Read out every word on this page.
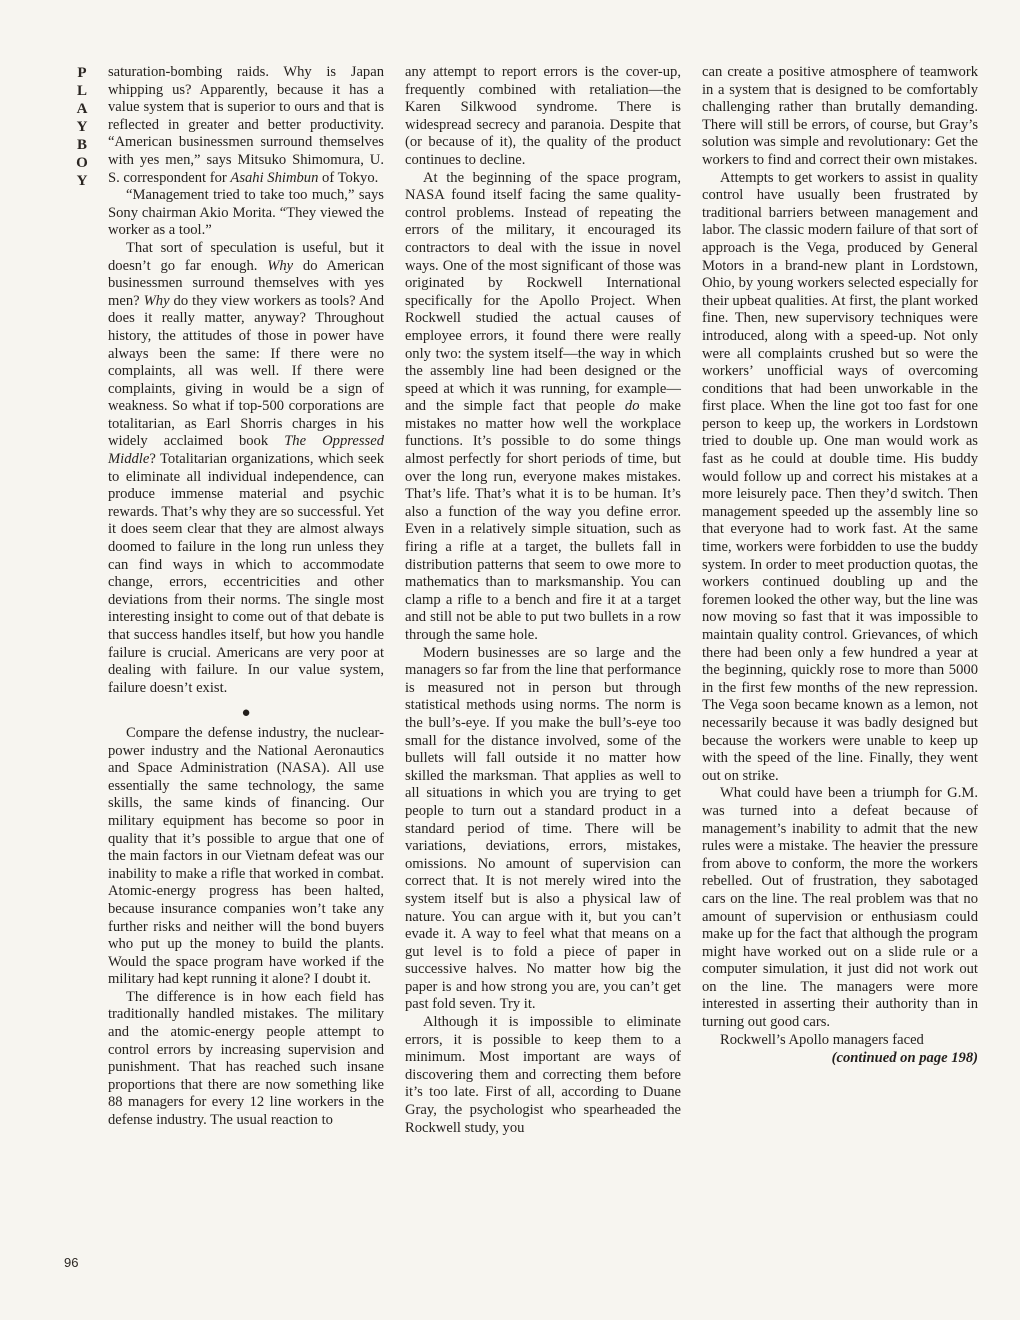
P
L
A
Y
B
O
Y
96

saturation-bombing raids. Why is Japan whipping us? Apparently, because it has a value system that is superior to ours and that is reflected in greater and better productivity. “American businessmen surround themselves with yes men,” says Mitsuko Shimomura, U. S. correspondent for Asahi Shimbun of Tokyo.

“Management tried to take too much,” says Sony chairman Akio Morita. “They viewed the worker as a tool.”

That sort of speculation is useful, but it doesn’t go far enough. Why do American businessmen surround themselves with yes men? Why do they view workers as tools? And does it really matter, anyway? Throughout history, the attitudes of those in power have always been the same: If there were no complaints, all was well. If there were complaints, giving in would be a sign of weakness. So what if top-500 corporations are totalitarian, as Earl Shorris charges in his widely acclaimed book The Oppressed Middle? Totalitarian organizations, which seek to eliminate all individual independence, can produce immense material and psychic rewards. That’s why they are so successful. Yet it does seem clear that they are almost always doomed to failure in the long run unless they can find ways in which to accommodate change, errors, eccentricities and other deviations from their norms. The single most interesting insight to come out of that debate is that success handles itself, but how you handle failure is crucial. Americans are very poor at dealing with failure. In our value system, failure doesn’t exist.

●

Compare the defense industry, the nuclear-power industry and the National Aeronautics and Space Administration (NASA). All use essentially the same technology, the same skills, the same kinds of financing. Our military equipment has become so poor in quality that it’s possible to argue that one of the main factors in our Vietnam defeat was our inability to make a rifle that worked in combat. Atomic-energy progress has been halted, because insurance companies won’t take any further risks and neither will the bond buyers who put up the money to build the plants. Would the space program have worked if the military had kept running it alone? I doubt it.

The difference is in how each field has traditionally handled mistakes. The military and the atomic-energy people attempt to control errors by increasing supervision and punishment. That has reached such insane proportions that there are now something like 88 managers for every 12 line workers in the defense industry. The usual reaction to

any attempt to report errors is the cover-up, frequently combined with retaliation—the Karen Silkwood syndrome. There is widespread secrecy and paranoia. Despite that (or because of it), the quality of the product continues to decline.

At the beginning of the space program, NASA found itself facing the same quality-control problems. Instead of repeating the errors of the military, it encouraged its contractors to deal with the issue in novel ways. One of the most significant of those was originated by Rockwell International specifically for the Apollo Project. When Rockwell studied the actual causes of employee errors, it found there were really only two: the system itself—the way in which the assembly line had been designed or the speed at which it was running, for example—and the simple fact that people do make mistakes no matter how well the workplace functions. It’s possible to do some things almost perfectly for short periods of time, but over the long run, everyone makes mistakes. That’s life. That’s what it is to be human. It’s also a function of the way you define error. Even in a relatively simple situation, such as firing a rifle at a target, the bullets fall in distribution patterns that seem to owe more to mathematics than to marksmanship. You can clamp a rifle to a bench and fire it at a target and still not be able to put two bullets in a row through the same hole.

Modern businesses are so large and the managers so far from the line that performance is measured not in person but through statistical methods using norms. The norm is the bull’s-eye. If you make the bull’s-eye too small for the distance involved, some of the bullets will fall outside it no matter how skilled the marksman. That applies as well to all situations in which you are trying to get people to turn out a standard product in a standard period of time. There will be variations, deviations, errors, mistakes, omissions. No amount of supervision can correct that. It is not merely wired into the system itself but is also a physical law of nature. You can argue with it, but you can’t evade it. A way to feel what that means on a gut level is to fold a piece of paper in successive halves. No matter how big the paper is and how strong you are, you can’t get past fold seven. Try it.

Although it is impossible to eliminate errors, it is possible to keep them to a minimum. Most important are ways of discovering them and correcting them before it’s too late. First of all, according to Duane Gray, the psychologist who spearheaded the Rockwell study, you

can create a positive atmosphere of teamwork in a system that is designed to be comfortably challenging rather than brutally demanding. There will still be errors, of course, but Gray’s solution was simple and revolutionary: Get the workers to find and correct their own mistakes.

Attempts to get workers to assist in quality control have usually been frustrated by traditional barriers between management and labor. The classic modern failure of that sort of approach is the Vega, produced by General Motors in a brand-new plant in Lordstown, Ohio, by young workers selected especially for their upbeat qualities. At first, the plant worked fine. Then, new supervisory techniques were introduced, along with a speed-up. Not only were all complaints crushed but so were the workers’ unofficial ways of overcoming conditions that had been unworkable in the first place. When the line got too fast for one person to keep up, the workers in Lordstown tried to double up. One man would work as fast as he could at double time. His buddy would follow up and correct his mistakes at a more leisurely pace. Then they’d switch. Then management speeded up the assembly line so that everyone had to work fast. At the same time, workers were forbidden to use the buddy system. In order to meet production quotas, the workers continued doubling up and the foremen looked the other way, but the line was now moving so fast that it was impossible to maintain quality control. Grievances, of which there had been only a few hundred a year at the beginning, quickly rose to more than 5000 in the first few months of the new repression. The Vega soon became known as a lemon, not necessarily because it was badly designed but because the workers were unable to keep up with the speed of the line. Finally, they went out on strike.

What could have been a triumph for G.M. was turned into a defeat because of management’s inability to admit that the new rules were a mistake. The heavier the pressure from above to conform, the more the workers rebelled. Out of frustration, they sabotaged cars on the line. The real problem was that no amount of supervision or enthusiasm could make up for the fact that although the program might have worked out on a slide rule or a computer simulation, it just did not work out on the line. The managers were more interested in asserting their authority than in turning out good cars.

Rockwell’s Apollo managers faced

(continued on page 198)
